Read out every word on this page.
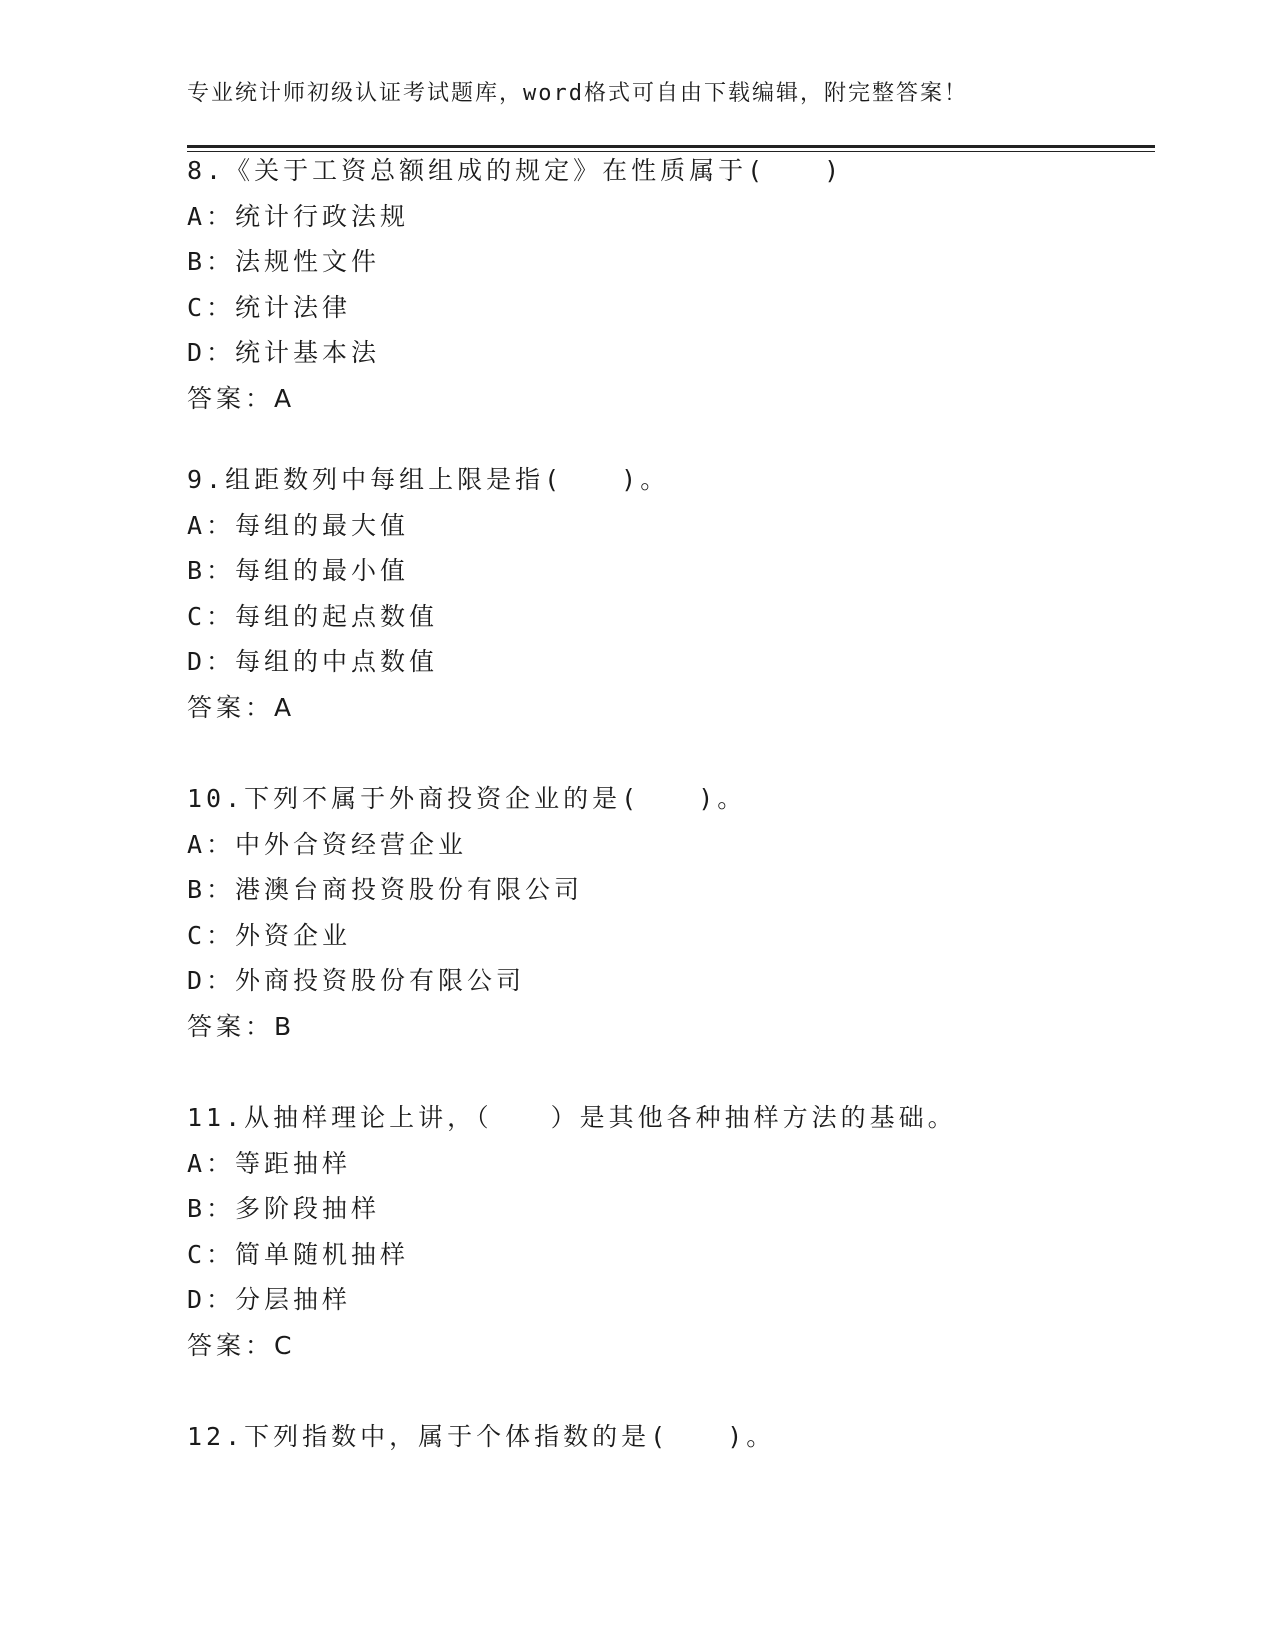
专业统计师初级认证考试题库，word格式可自由下载编辑，附完整答案！
8.《关于工资总额组成的规定》在性质属于(　　)
A：统计行政法规
B：法规性文件
C：统计法律
D：统计基本法
答案：A
9.组距数列中每组上限是指(　　)。
A：每组的最大值
B：每组的最小值
C：每组的起点数值
D：每组的中点数值
答案：A
10.下列不属于外商投资企业的是(　　)。
A：中外合资经营企业
B：港澳台商投资股份有限公司
C：外资企业
D：外商投资股份有限公司
答案：B
11.从抽样理论上讲，（　　）是其他各种抽样方法的基础。
A：等距抽样
B：多阶段抽样
C：简单随机抽样
D：分层抽样
答案：C
12.下列指数中，属于个体指数的是(　　)。
